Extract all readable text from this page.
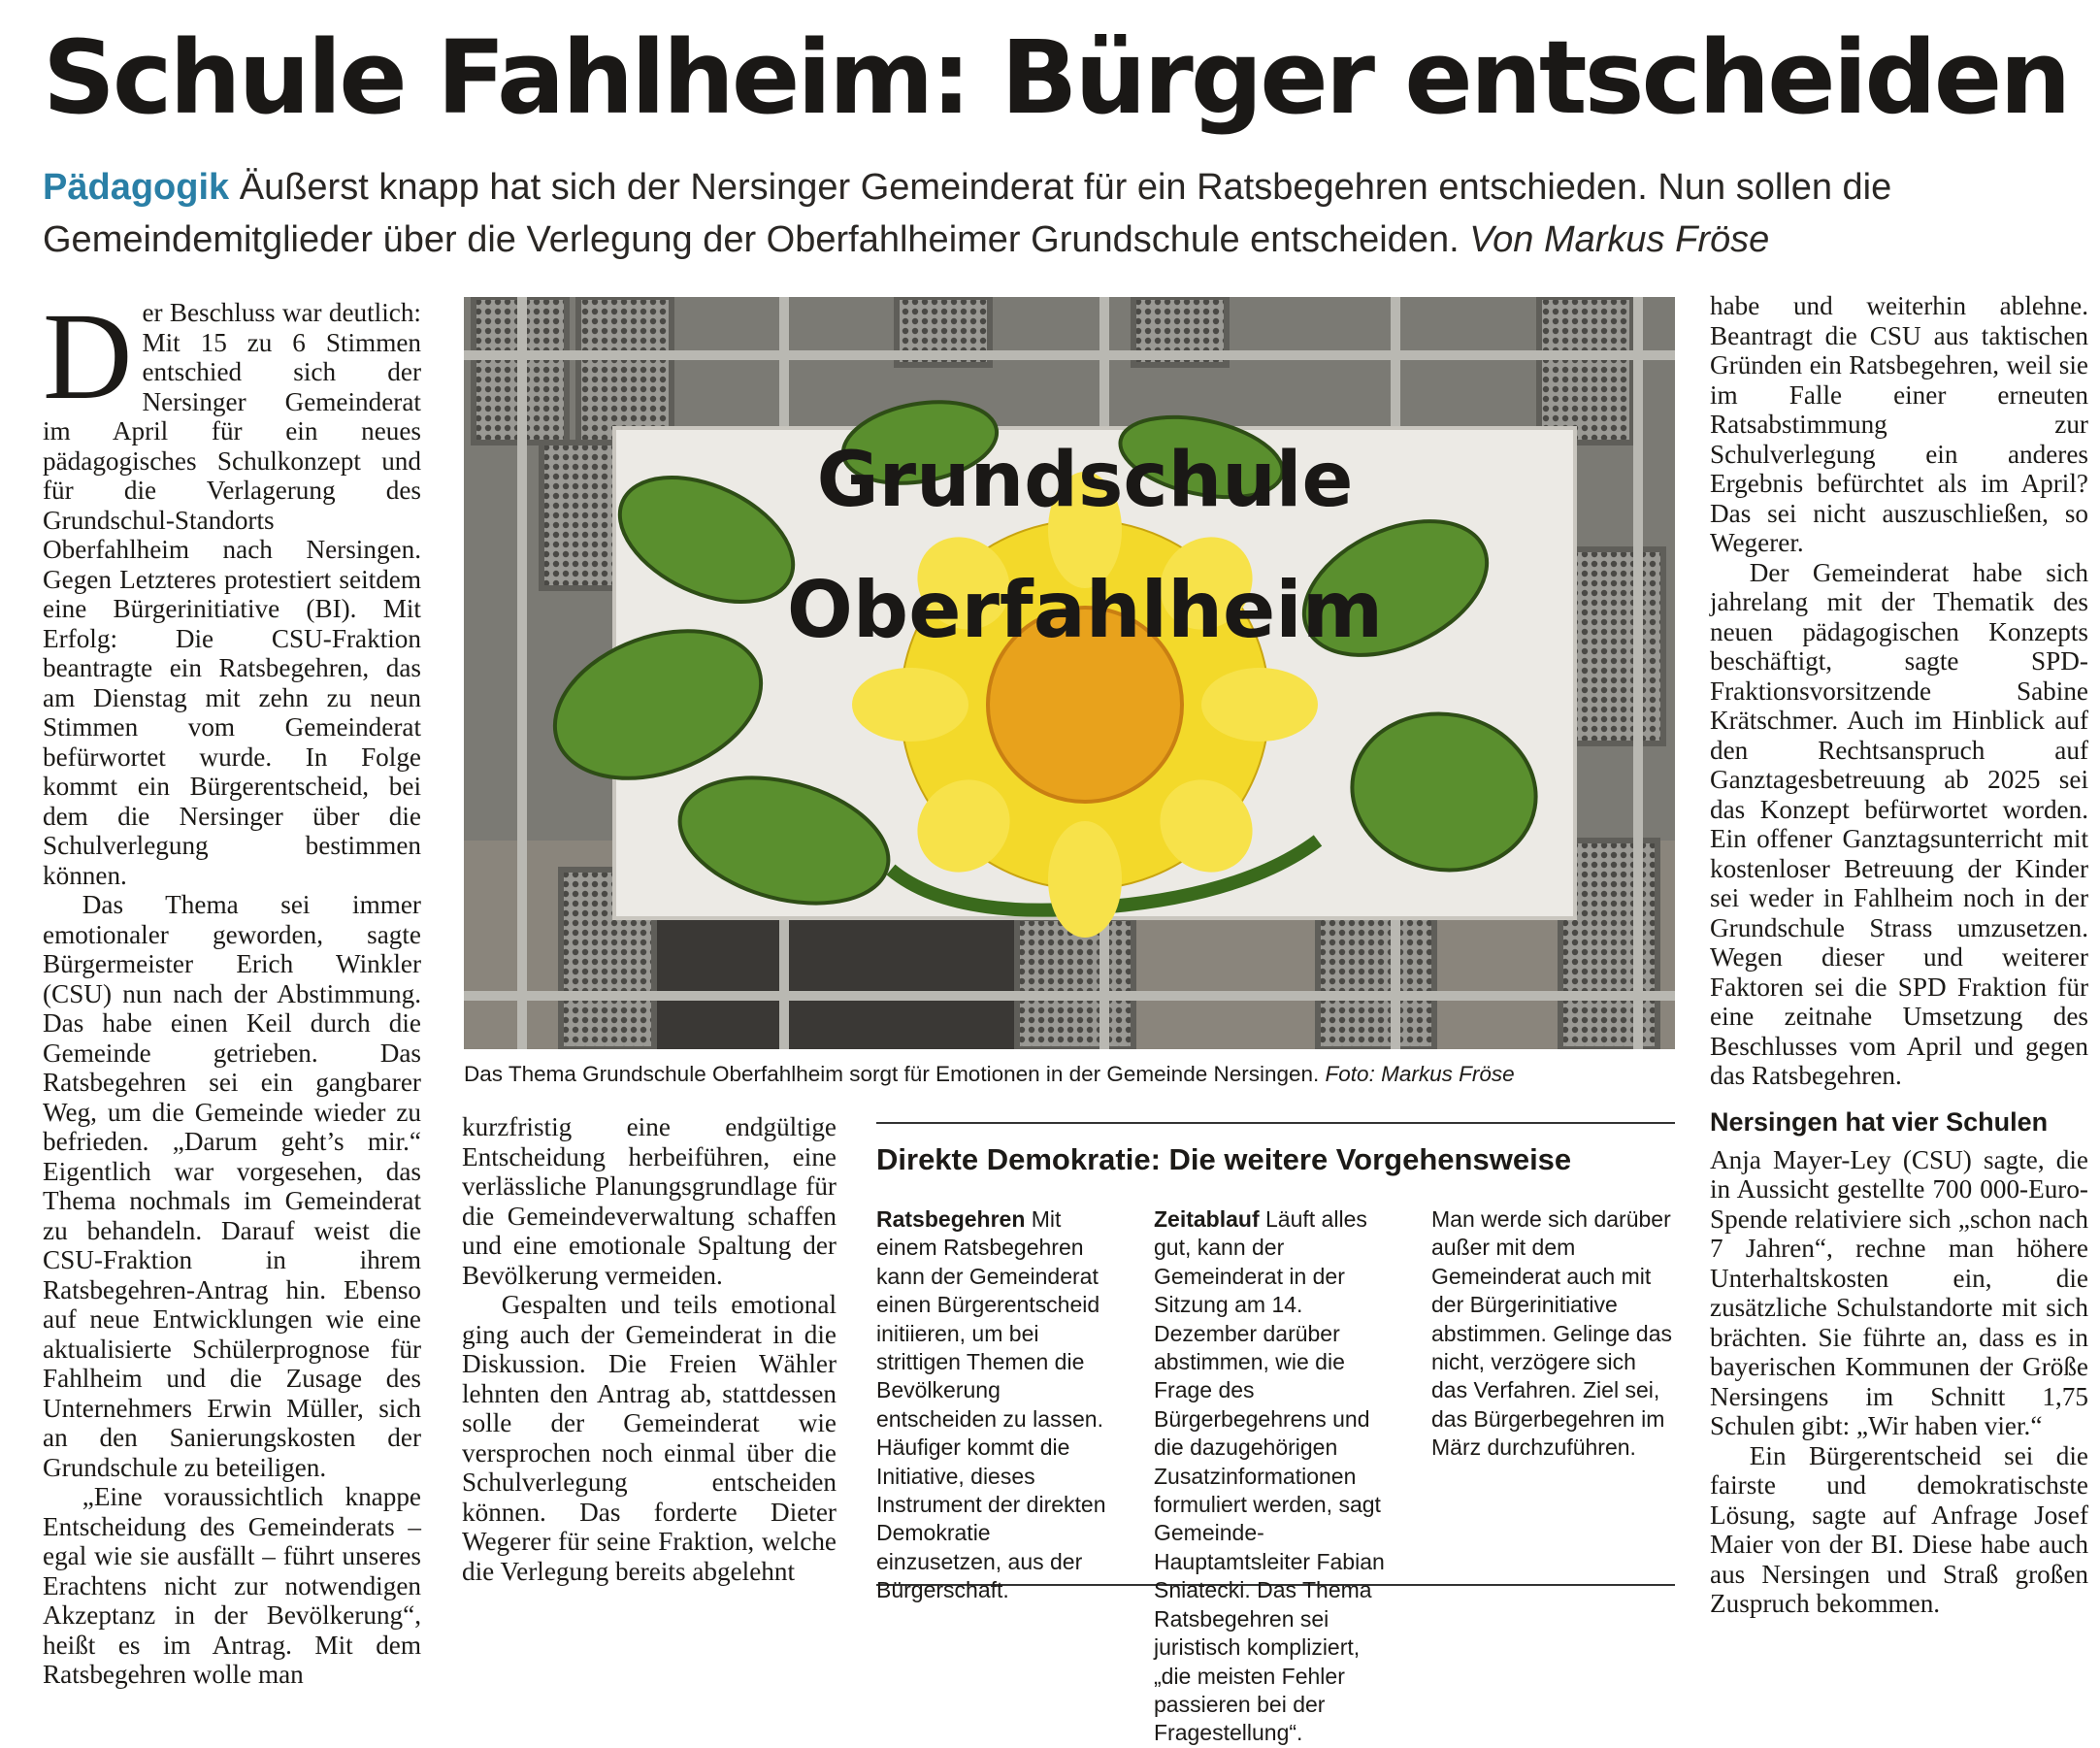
Schule Fahlheim: Bürger entscheiden
Pädagogik Äußerst knapp hat sich der Nersinger Gemeinderat für ein Ratsbegehren entschieden. Nun sollen die Gemeindemitglieder über die Verlegung der Oberfahlheimer Grundschule entscheiden. Von Markus Fröse
D er Beschluss war deutlich: Mit 15 zu 6 Stimmen entschied sich der Nersinger Gemeinderat im April für ein neues pädagogisches Schulkonzept und für die Verlagerung des Grundschul-Standorts Oberfahlheim nach Nersingen. Gegen Letzteres protestiert seitdem eine Bürgerinitiative (BI). Mit Erfolg: Die CSU-Fraktion beantragte ein Ratsbegehren, das am Dienstag mit zehn zu neun Stimmen vom Gemeinderat befürwortet wurde. In Folge kommt ein Bürgerentscheid, bei dem die Nersinger über die Schulverlegung bestimmen können.

Das Thema sei immer emotionaler geworden, sagte Bürgermeister Erich Winkler (CSU) nun nach der Abstimmung. Das habe einen Keil durch die Gemeinde getrieben. Das Ratsbegehren sei ein gangbarer Weg, um die Gemeinde wieder zu befrieden. „Darum geht’s mir.“ Eigentlich war vorgesehen, das Thema nochmals im Gemeinderat zu behandeln. Darauf weist die CSU-Fraktion in ihrem Ratsbegehren-Antrag hin. Ebenso auf neue Entwicklungen wie eine aktualisierte Schülerprognose für Fahlheim und die Zusage des Unternehmers Erwin Müller, sich an den Sanierungskosten der Grundschule zu beteiligen.

„Eine voraussichtlich knappe Entscheidung des Gemeinderats – egal wie sie ausfällt – führt unseres Erachtens nicht zur notwendigen Akzeptanz in der Bevölkerung“, heißt es im Antrag. Mit dem Ratsbegehren wolle man

Grundschule
Oberfahlheim
Das Thema Grundschule Oberfahlheim sorgt für Emotionen in der Gemeinde Nersingen. Foto: Markus Fröse

kurzfristig eine endgültige Entscheidung herbeiführen, eine verlässliche Planungsgrundlage für die Gemeindeverwaltung schaffen und eine emotionale Spaltung der Bevölkerung vermeiden.

Gespalten und teils emotional ging auch der Gemeinderat in die Diskussion. Die Freien Wähler lehnten den Antrag ab, stattdessen solle der Gemeinderat wie versprochen noch einmal über die Schulverlegung entscheiden können. Das forderte Dieter Wegerer für seine Fraktion, welche die Verlegung bereits abgelehnt

Direkte Demokratie: Die weitere Vorgehensweise
Ratsbegehren Mit einem Ratsbegehren kann der Gemeinderat einen Bürgerentscheid initiieren, um bei strittigen Themen die Bevölkerung entscheiden zu lassen. Häufiger kommt die Initiative, dieses Instrument der direkten Demokratie einzusetzen, aus der Bürgerschaft.
Zeitablauf Läuft alles gut, kann der Gemeinderat in der Sitzung am 14. Dezember darüber abstimmen, wie die Frage des Bürgerbegehrens und die dazugehörigen Zusatzinformationen formuliert werden, sagt Gemeinde-Hauptamtsleiter Fabian Sniatecki. Das Thema Ratsbegehren sei juristisch kompliziert, „die meisten Fehler passieren bei der Fragestellung“.
Man werde sich darüber außer mit dem Gemeinderat auch mit der Bürgerinitiative abstimmen. Gelinge das nicht, verzögere sich das Verfahren. Ziel sei, das Bürgerbegehren im März durchzuführen.

habe und weiterhin ablehne. Beantragt die CSU aus taktischen Gründen ein Ratsbegehren, weil sie im Falle einer erneuten Ratsabstimmung zur Schulverlegung ein anderes Ergebnis befürchtet als im April? Das sei nicht auszuschließen, so Wegerer.

Der Gemeinderat habe sich jahrelang mit der Thematik des neuen pädagogischen Konzepts beschäftigt, sagte SPD-Fraktionsvorsitzende Sabine Krätschmer. Auch im Hinblick auf den Rechtsanspruch auf Ganztagesbetreuung ab 2025 sei das Konzept befürwortet worden. Ein offener Ganztagsunterricht mit kostenloser Betreuung der Kinder sei weder in Fahlheim noch in der Grundschule Strass umzusetzen. Wegen dieser und weiterer Faktoren sei die SPD Fraktion für eine zeitnahe Umsetzung des Beschlusses vom April und gegen das Ratsbegehren.

Nersingen hat vier Schulen

Anja Mayer-Ley (CSU) sagte, die in Aussicht gestellte 700 000-Euro-Spende relativiere sich „schon nach 7 Jahren“, rechne man höhere Unterhaltskosten ein, die zusätzliche Schulstandorte mit sich brächten. Sie führte an, dass es in bayerischen Kommunen der Größe Nersingens im Schnitt 1,75 Schulen gibt: „Wir haben vier.“

Ein Bürgerentscheid sei die fairste und demokratischste Lösung, sagte auf Anfrage Josef Maier von der BI. Diese habe auch aus Nersingen und Straß großen Zuspruch bekommen.
